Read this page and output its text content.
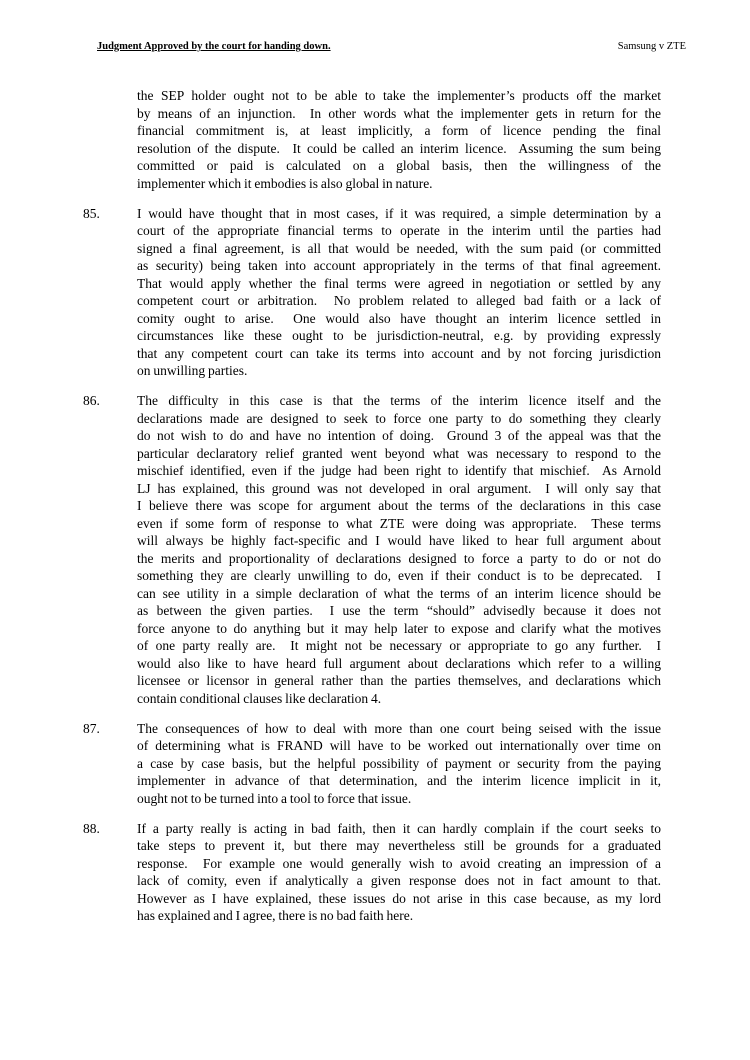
Judgment Approved by the court for handing down.	Samsung v ZTE
the SEP holder ought not to be able to take the implementer’s products off the market
by means of an injunction.  In other words what the implementer gets in return for the
financial commitment is, at least implicitly, a form of licence pending the final
resolution of the dispute.  It could be called an interim licence.  Assuming the sum being
committed or paid is calculated on a global basis, then the willingness of the
implementer which it embodies is also global in nature.
85.	I would have thought that in most cases, if it was required, a simple determination by a
court of the appropriate financial terms to operate in the interim until the parties had
signed a final agreement, is all that would be needed, with the sum paid (or committed
as security) being taken into account appropriately in the terms of that final agreement.
That would apply whether the final terms were agreed in negotiation or settled by any
competent court or arbitration.  No problem related to alleged bad faith or a lack of
comity ought to arise.  One would also have thought an interim licence settled in
circumstances like these ought to be jurisdiction-neutral, e.g. by providing expressly
that any competent court can take its terms into account and by not forcing jurisdiction
on unwilling parties.
86.	The difficulty in this case is that the terms of the interim licence itself and the
declarations made are designed to seek to force one party to do something they clearly
do not wish to do and have no intention of doing.  Ground 3 of the appeal was that the
particular declaratory relief granted went beyond what was necessary to respond to the
mischief identified, even if the judge had been right to identify that mischief.  As Arnold
LJ has explained, this ground was not developed in oral argument.  I will only say that
I believe there was scope for argument about the terms of the declarations in this case
even if some form of response to what ZTE were doing was appropriate.  These terms
will always be highly fact-specific and I would have liked to hear full argument about
the merits and proportionality of declarations designed to force a party to do or not do
something they are clearly unwilling to do, even if their conduct is to be deprecated.  I
can see utility in a simple declaration of what the terms of an interim licence should be
as between the given parties.  I use the term “should” advisedly because it does not
force anyone to do anything but it may help later to expose and clarify what the motives
of one party really are.  It might not be necessary or appropriate to go any further.  I
would also like to have heard full argument about declarations which refer to a willing
licensee or licensor in general rather than the parties themselves, and declarations which
contain conditional clauses like declaration 4.
87.	The consequences of how to deal with more than one court being seised with the issue
of determining what is FRAND will have to be worked out internationally over time on
a case by case basis, but the helpful possibility of payment or security from the paying
implementer in advance of that determination, and the interim licence implicit in it,
ought not to be turned into a tool to force that issue.
88.	If a party really is acting in bad faith, then it can hardly complain if the court seeks to
take steps to prevent it, but there may nevertheless still be grounds for a graduated
response.  For example one would generally wish to avoid creating an impression of a
lack of comity, even if analytically a given response does not in fact amount to that.
However as I have explained, these issues do not arise in this case because, as my lord
has explained and I agree, there is no bad faith here.
